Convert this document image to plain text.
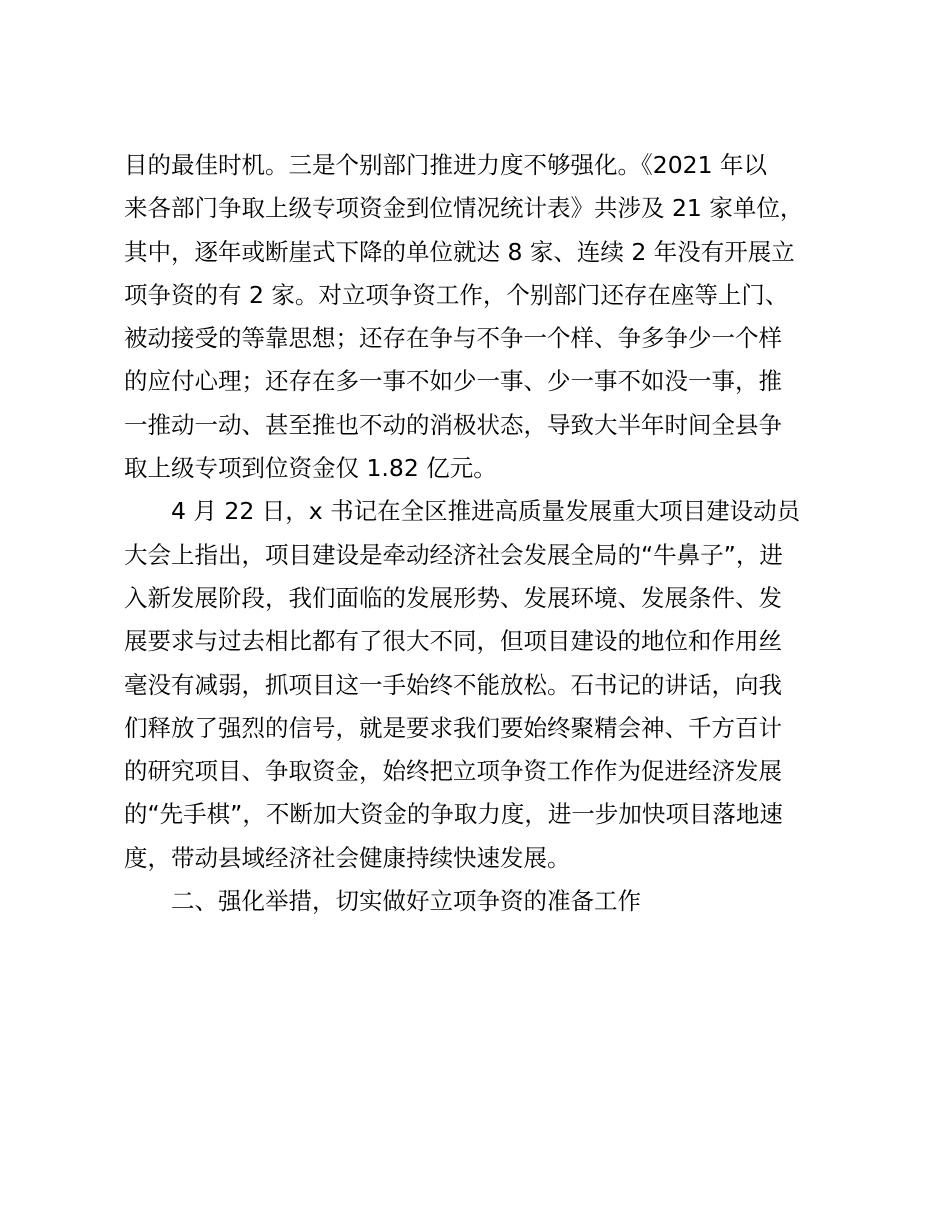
目的最佳时机。三是个别部门推进力度不够强化。《2021 年以
来各部门争取上级专项资金到位情况统计表》共涉及 21 家单位，
其中，逐年或断崖式下降的单位就达 8 家、连续 2 年没有开展立
项争资的有 2 家。对立项争资工作，个别部门还存在座等上门、
被动接受的等靠思想；还存在争与不争一个样、争多争少一个样
的应付心理；还存在多一事不如少一事、少一事不如没一事，推
一推动一动、甚至推也不动的消极状态，导致大半年时间全县争
取上级专项到位资金仅 1.82 亿元。
4 月 22 日，x 书记在全区推进高质量发展重大项目建设动员
大会上指出，项目建设是牵动经济社会发展全局的“牛鼻子”，进
入新发展阶段，我们面临的发展形势、发展环境、发展条件、发
展要求与过去相比都有了很大不同，但项目建设的地位和作用丝
毫没有减弱，抓项目这一手始终不能放松。石书记的讲话，向我
们释放了强烈的信号，就是要求我们要始终聚精会神、千方百计
的研究项目、争取资金，始终把立项争资工作作为促进经济发展
的“先手棋”，不断加大资金的争取力度，进一步加快项目落地速
度，带动县域经济社会健康持续快速发展。
二、强化举措，切实做好立项争资的准备工作
